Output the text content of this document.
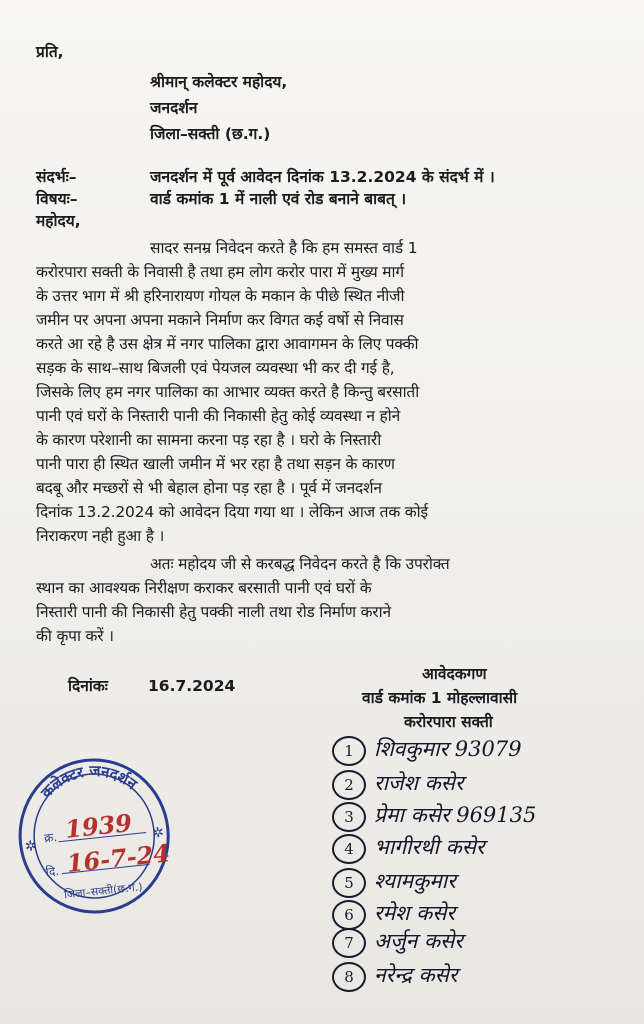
प्रति,
श्रीमान् कलेक्टर महोदय,
जनदर्शन
जिला–सक्ती (छ.ग.)
संदर्भः–	जनदर्शन में पूर्व आवेदन दिनांक 13.2.2024 के संदर्भ में ।
विषयः–	वार्ड कमांक 1 में नाली एवं रोड बनाने बाबत् ।
महोदय,
सादर सनम्र निवेदन करते है कि हम समस्त वार्ड 1
करोरपारा सक्ती के निवासी है तथा हम लोग करोर पारा में मुख्य मार्ग
के उत्तर भाग में श्री हरिनारायण गोयल के मकान के पीछे स्थित नीजी
जमीन पर अपना अपना मकाने निर्माण कर विगत कई वर्षो से निवास
करते आ रहे है उस क्षेत्र में नगर पालिका द्वारा आवागमन के लिए पक्की
सड़क के साथ–साथ बिजली एवं पेयजल व्यवस्था भी कर दी गई है,
जिसके लिए हम नगर पालिका का आभार व्यक्त करते है किन्तु बरसाती
पानी एवं घरों के निस्तारी पानी की निकासी हेतु कोई व्यवस्था न होने
के कारण परेशानी का सामना करना पड़ रहा है । घरो के निस्तारी
पानी पारा ही स्थित खाली जमीन में भर रहा है तथा सड़न के कारण
बदबू और मच्छरों से भी बेहाल होना पड़ रहा है । पूर्व में जनदर्शन
दिनांक 13.2.2024 को आवेदन दिया गया था । लेकिन आज तक कोई
निराकरण नही हुआ है ।
अतः महोदय जी से करबद्ध निवेदन करते है कि उपरोक्त
स्थान का आवश्यक निरीक्षण कराकर बरसाती पानी एवं घरों के
निस्तारी पानी की निकासी हेतु पक्की नाली तथा रोड निर्माण कराने
की कृपा करें ।
दिनांकः	16.7.2024
आवेदकगण
वार्ड कमांक 1 मोहल्लावासी
करोरपारा सक्ती
1 शिवकुमार 93079
2 राजेश कसेर
3 प्रेमा कसेर 969135
4 भागीरथी कसेर
5 श्यामकुमार
6 रमेश कसेर
7 अर्जुन कसेर
8 नरेन्द्र कसेर
कलेक्टर जनदर्शन
✲
✲
क्र. 1939
दि. 16-7-24
जिला–सक्ती(छ.ग.)
